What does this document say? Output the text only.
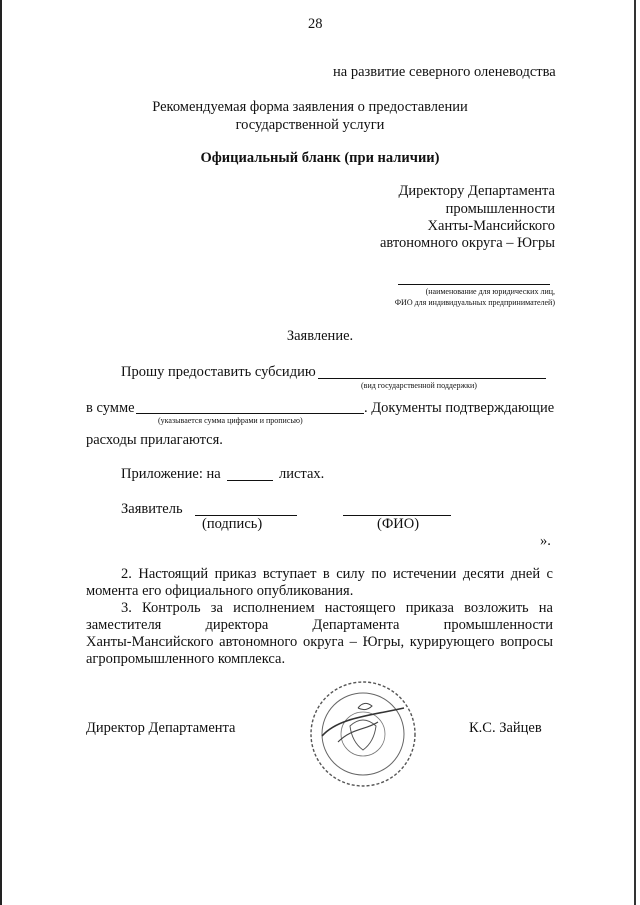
28
на развитие северного оленеводства
Рекомендуемая форма заявления о предоставлении
государственной услуги
Официальный бланк (при наличии)
Директору Департамента
промышленности
Ханты-Мансийского
автономного округа – Югры
(наименование для юридических лиц,
ФИО для индивидуальных предпринимателей)
Заявление.
Прошу предоставить субсидию
(вид государственной поддержки)
в сумме	. Документы подтверждающие
(указывается сумма цифрами и прописью)
расходы прилагаются.
Приложение: на	листах.
Заявитель
(подпись)	(ФИО)
».
2. Настоящий приказ вступает в силу по истечении десяти дней с
момента его официального опубликования.
3. Контроль за исполнением настоящего приказа возложить на
заместителя директора Департамента промышленности
Ханты-Мансийского автономного округа – Югры, курирующего вопросы
агропромышленного комплекса.
Директор Департамента	К.С. Зайцев
